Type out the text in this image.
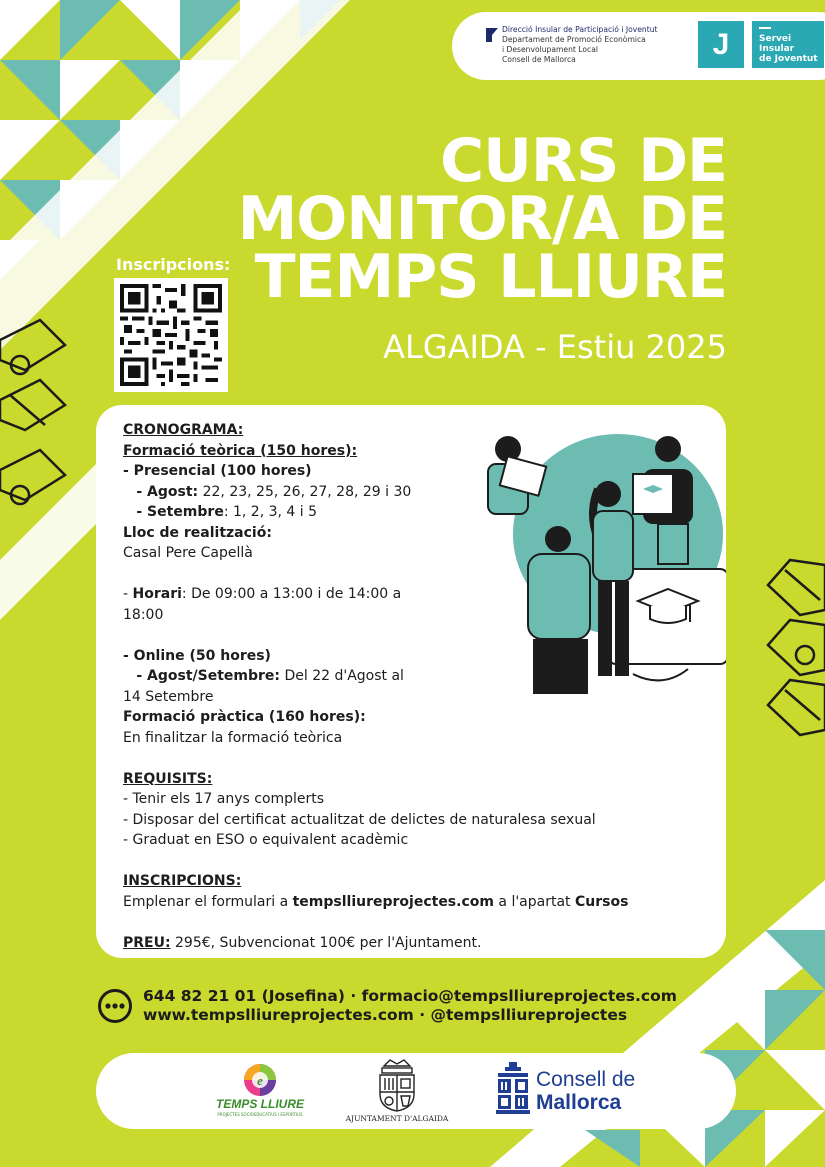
Direcció Insular de Participació i Joventut
Departament de Promoció Econòmica
i Desenvolupament Local
Consell de Mallorca	J	Servei
Insular
de Joventut
CURS DE
MONITOR/A DE
TEMPS LLIURE
ALGAIDA - Estiu 2025
Inscripcions:
CRONOGRAMA:
Formació teòrica (150 hores):
- Presencial (100 hores)
- Agost: 22, 23, 25, 26, 27, 28, 29 i 30
- Setembre: 1, 2, 3, 4 i 5
Lloc de realització:
Casal Pere Capellà
- Horari: De 09:00 a 13:00 i de 14:00 a
18:00
- Online (50 hores)
- Agost/Setembre: Del 22 d'Agost al
14 Setembre
Formació pràctica (160 hores):
En finalitzar la formació teòrica
REQUISITS:
- Tenir els 17 anys complerts
- Disposar del certificat actualitzat de delictes de naturalesa sexual
- Graduat en ESO o equivalent acadèmic
INSCRIPCIONS:
Emplenar el formulari a tempslliureprojectes.com a l'apartat Cursos
PREU: 295€, Subvencionat 100€ per l'Ajuntament.
644 82 21 01 (Josefina) · formacio@tempslliureprojectes.com
www.tempslliureprojectes.com · @tempslliureprojectes
e
TEMPS LLIURE
PROJECTES SOCIOEDUCATIUS I ESPORTIUS	AJUNTAMENT D'ALGAIDA
Consell de
Mallorca
